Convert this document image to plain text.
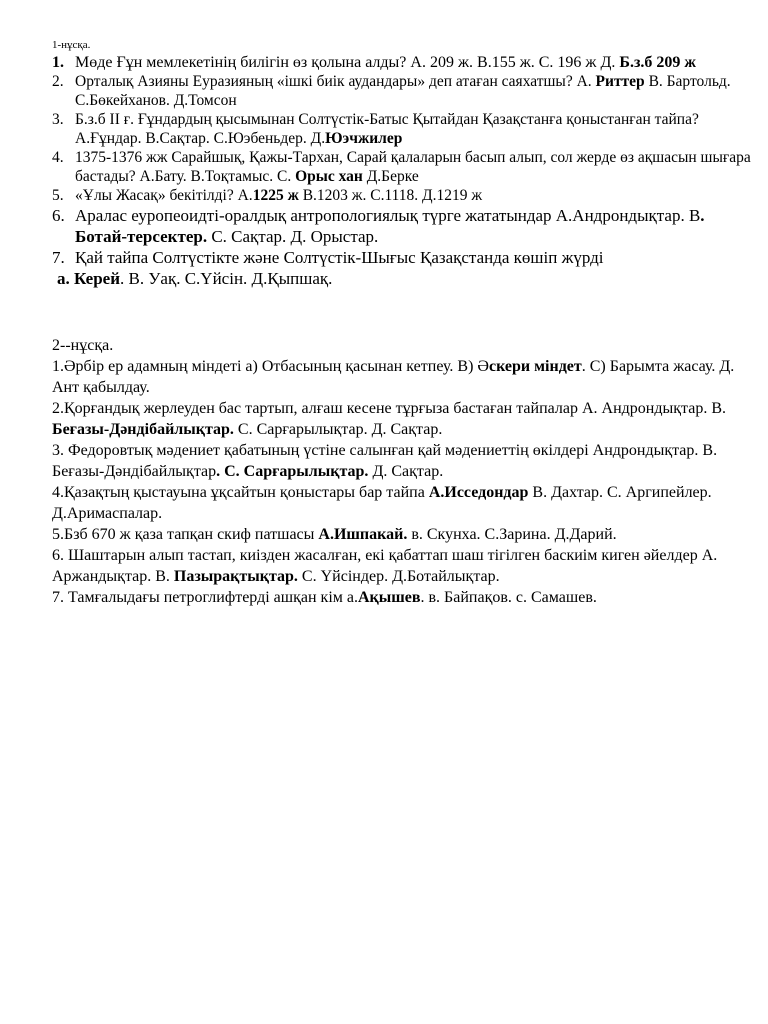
1-нұсқа.
1. Мөде Ғұн мемлекетінің билігін өз қолына алды? А. 209 ж. В.155 ж. С. 196 ж Д. Б.з.б 209 ж
2. Орталық Азияны Еуразияның «ішкі биік аудандары» деп атаған саяхатшы? А. Риттер В. Бартольд. С.Бөкейханов. Д.Томсон
3. Б.з.б II ғ. Ғұндардың қысымынан Солтүстік-Батыс Қытайдан Қазақстанға қоныстанған тайпа? А.Ғұндар. В.Сақтар. С.Юэбеньдер. Д.Юэчжилер
4. 1375-1376 жж Сарайшық, Қажы-Тархан, Сарай қалаларын басып алып, сол жерде өз ақшасын шығара бастады? А.Бату. В.Тоқтамыс. С. Орыс хан Д.Берке
5. «Ұлы Жасақ» бекітілді? А.1225 ж В.1203 ж. С.1118. Д.1219 ж
6. Аралас еуропеоидті-оралдық антропологиялық түрге жататындар А.Андрондықтар. В. Ботай-терсектер. С. Сақтар. Д. Орыстар.
7. Қай тайпа Солтүстікте және Солтүстік-Шығыс Қазақстанда көшіп жүрді
а. Керей. В. Уақ. С.Үйсін. Д.Қыпшақ.

2--нұсқа.

1.Әрбір ер адамның міндеті а) Отбасының қасынан кетпеу. В) Әскери міндет. С) Барымта жасау. Д. Ант қабылдау.

2.Қорғандық жерлеуден бас тартып, алғаш кесене тұрғыза бастаған тайпалар А. Андрондықтар. В. Беғазы-Дәндібайлықтар. С. Сарғарылықтар. Д. Сақтар.

3. Федоровтық мәдениет қабатының үстіне салынған қай мәдениеттің өкілдері Андрондықтар. В. Беғазы-Дәндібайлықтар. С. Сарғарылықтар. Д. Сақтар.

4.Қазақтың қыстауына ұқсайтын қоныстары бар тайпа А.Исседондар В. Дахтар. С. Аргипейлер. Д.Аримаспалар.

5.Бзб 670 ж қаза тапқан скиф патшасы А.Ишпакай. в. Скунха. С.Зарина. Д.Дарий.

6. Шаштарын алып тастап, киізден жасалған, екі қабаттап шаш тігілген баскиім киген әйелдер А. Аржандықтар. В. Пазырақтықтар. С. Үйсіндер. Д.Ботайлықтар.

7. Тамғалыдағы петроглифтерді ашқан кім а.Ақышев. в. Байпақов. с. Самашев.
